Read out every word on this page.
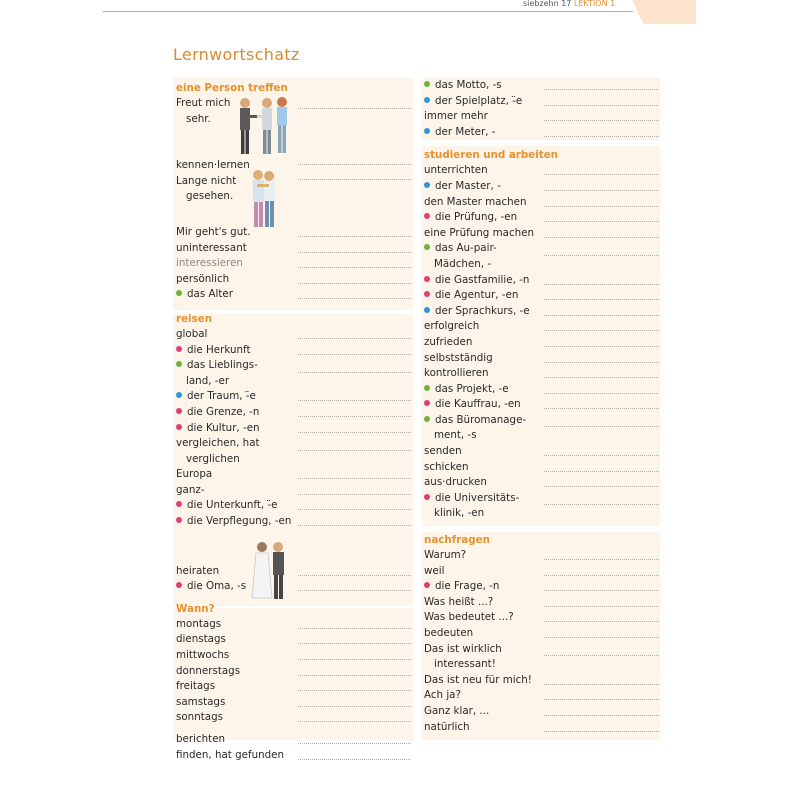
siebzehn 17 LEKTION 1
Lernwortschatz
eine Person treffen
Freut mich
sehr.
kennen·lernen
Lange nicht
gesehen.
Mir geht's gut.
uninteressant
interessieren
persönlich
das Alter
reisen
global
die Herkunft
das Lieblings-
land, -er
der Traum, -̈e
die Grenze, -n
die Kultur, -en
vergleichen, hat
verglichen
Europa
ganz-
die Unterkunft, -̈e
die Verpflegung, -en
heiraten
die Oma, -s
Wann?
montags
dienstags
mittwochs
donnerstags
freitags
samstags
sonntags
berichten
finden, hat gefunden
das Motto, -s
der Spielplatz, -̈e
immer mehr
der Meter, -
studieren und arbeiten
unterrichten
der Master, -
den Master machen
die Prüfung, -en
eine Prüfung machen
das Au-pair-
Mädchen, -
die Gastfamilie, -n
die Agentur, -en
der Sprachkurs, -e
erfolgreich
zufrieden
selbstständig
kontrollieren
das Projekt, -e
die Kauffrau, -en
das Büromanage-
ment, -s
senden
schicken
aus·drucken
die Universitäts-
klinik, -en
nachfragen
Warum?
weil
die Frage, -n
Was heißt ...?
Was bedeutet ...?
bedeuten
Das ist wirklich
interessant!
Das ist neu für mich!
Ach ja?
Ganz klar, ...
natürlich
